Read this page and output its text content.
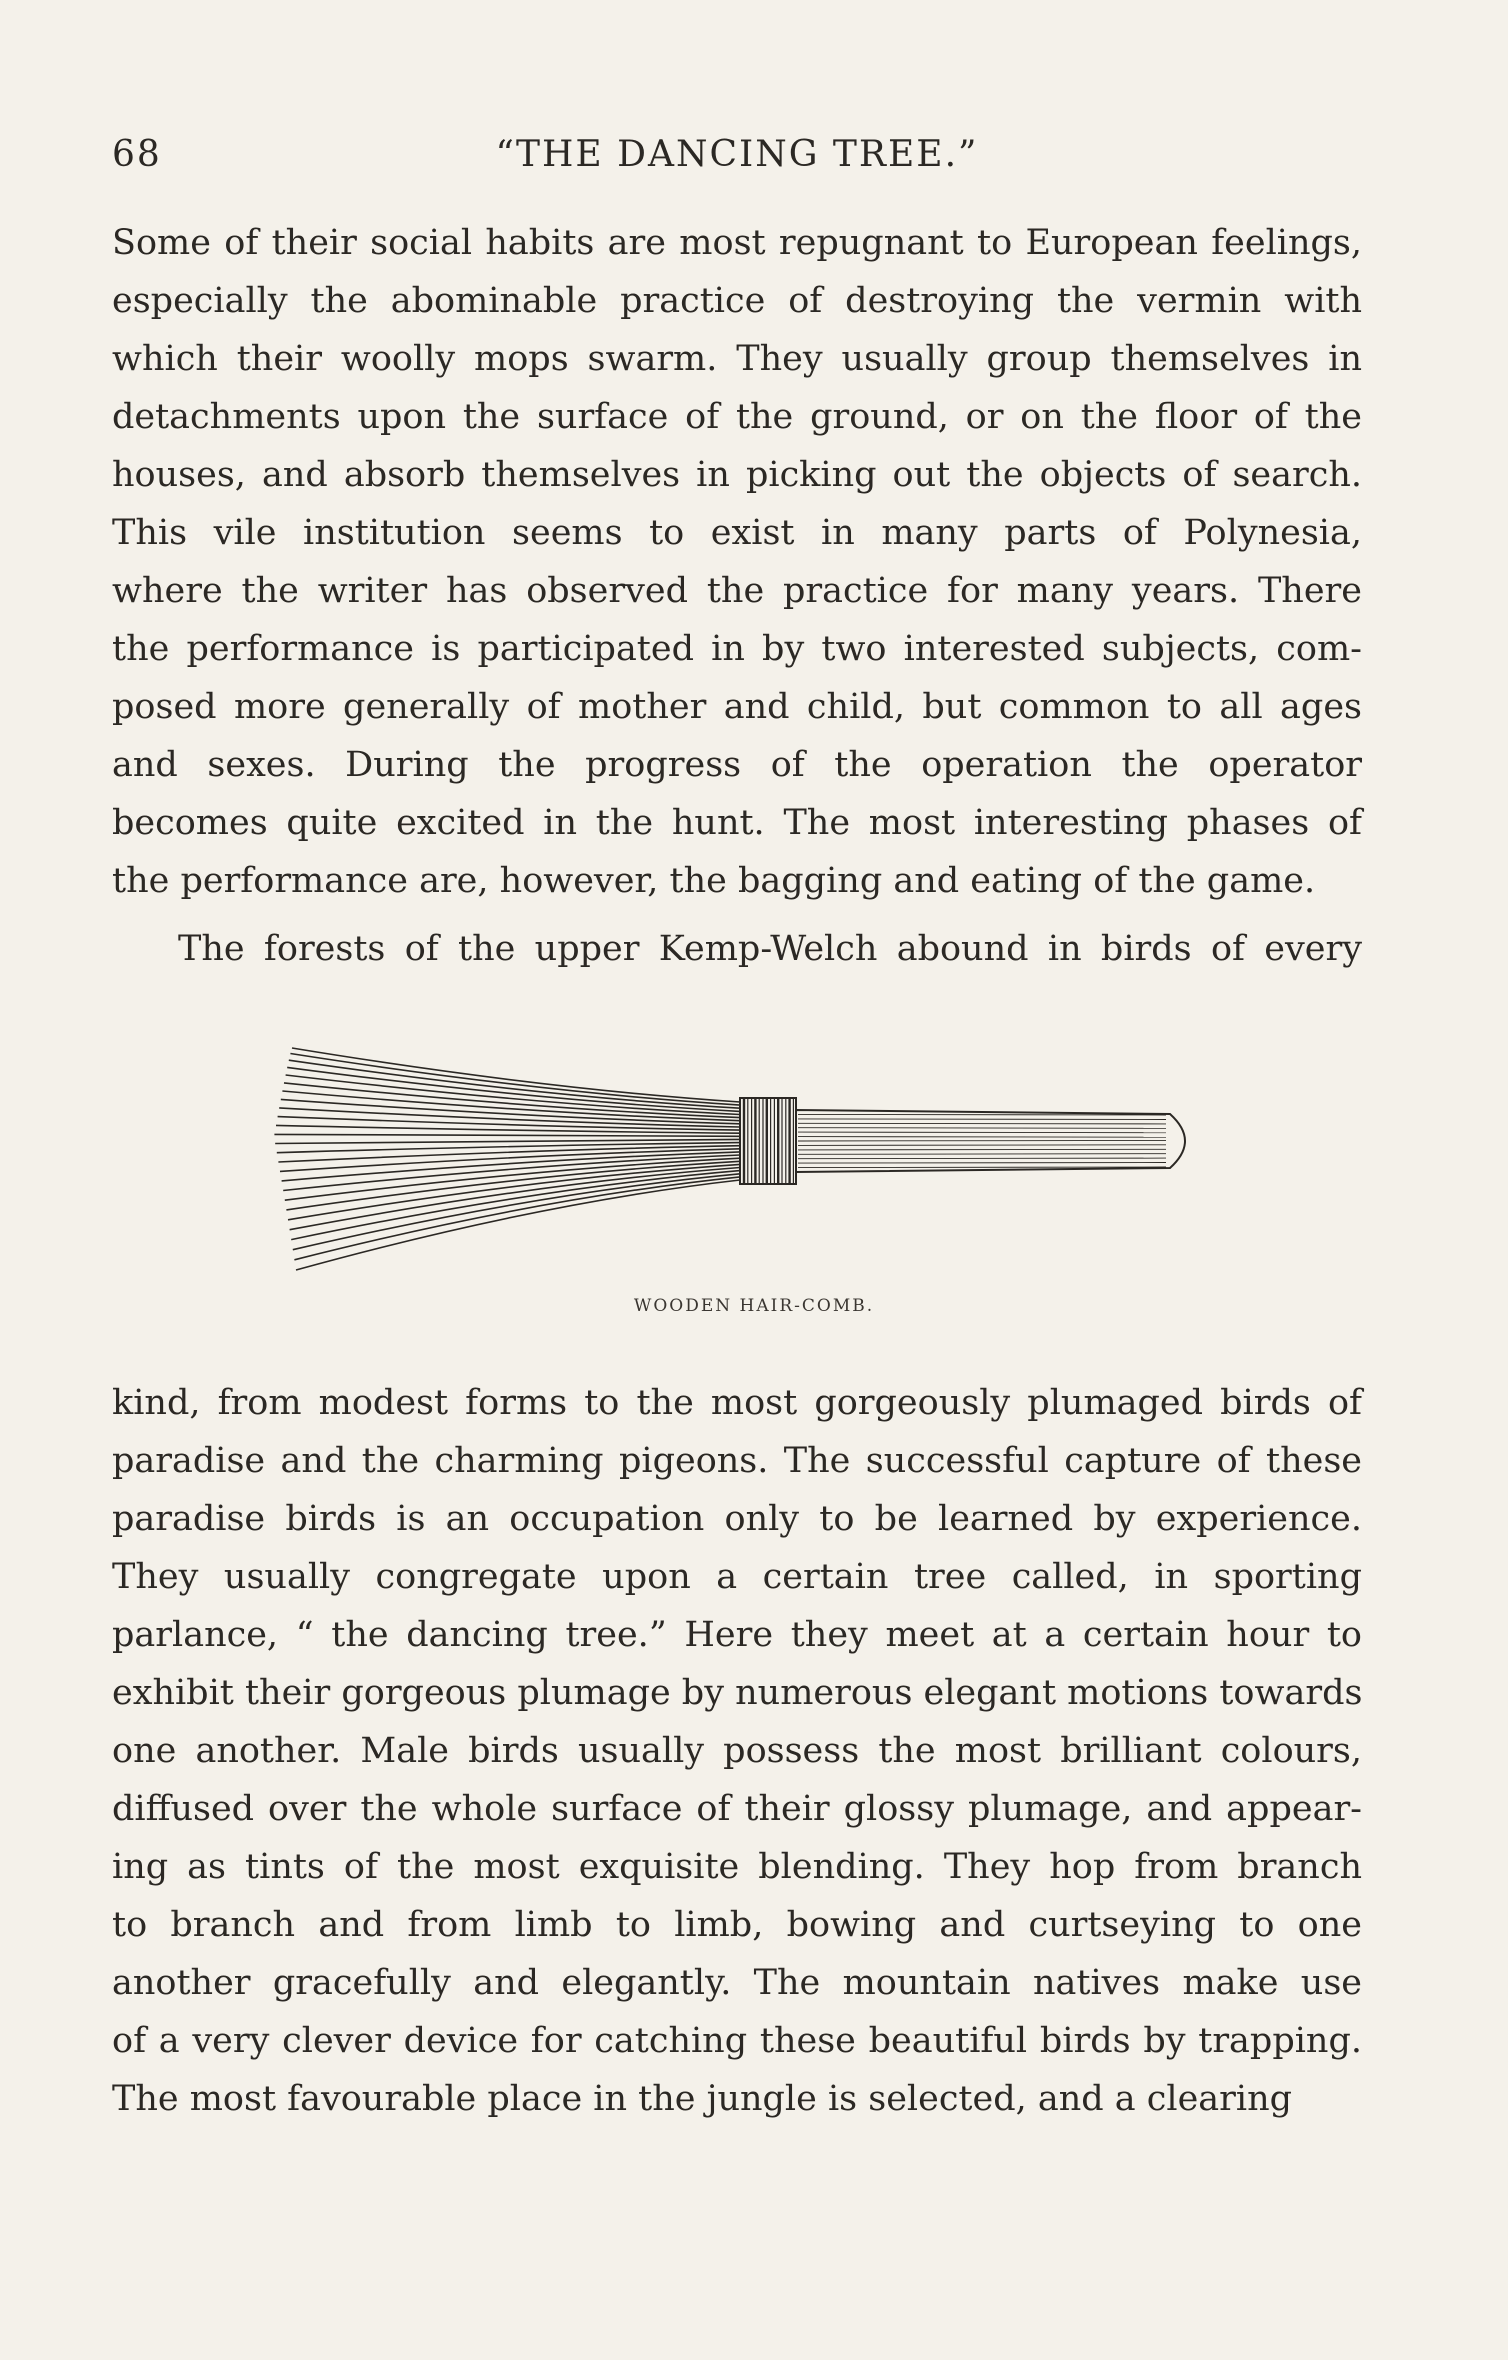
68	“THE DANCING TREE.”
Some of their social habits are most repugnant to European feelings,
especially the abominable practice of destroying the vermin with
which their woolly mops swarm. They usually group themselves in
detachments upon the surface of the ground, or on the floor of the
houses, and absorb themselves in picking out the objects of search.
This vile institution seems to exist in many parts of Polynesia,
where the writer has observed the practice for many years. There
the performance is participated in by two interested subjects, com-
posed more generally of mother and child, but common to all ages
and sexes. During the progress of the operation the operator
becomes quite excited in the hunt. The most interesting phases of
the performance are, however, the bagging and eating of the game.
The forests of the upper Kemp-Welch abound in birds of every
WOODEN HAIR-COMB.
kind, from modest forms to the most gorgeously plumaged birds of
paradise and the charming pigeons. The successful capture of these
paradise birds is an occupation only to be learned by experience.
They usually congregate upon a certain tree called, in sporting
parlance, “ the dancing tree.” Here they meet at a certain hour to
exhibit their gorgeous plumage by numerous elegant motions towards
one another. Male birds usually possess the most brilliant colours,
diffused over the whole surface of their glossy plumage, and appear-
ing as tints of the most exquisite blending. They hop from branch
to branch and from limb to limb, bowing and curtseying to one
another gracefully and elegantly. The mountain natives make use
of a very clever device for catching these beautiful birds by trapping.
The most favourable place in the jungle is selected, and a clearing
